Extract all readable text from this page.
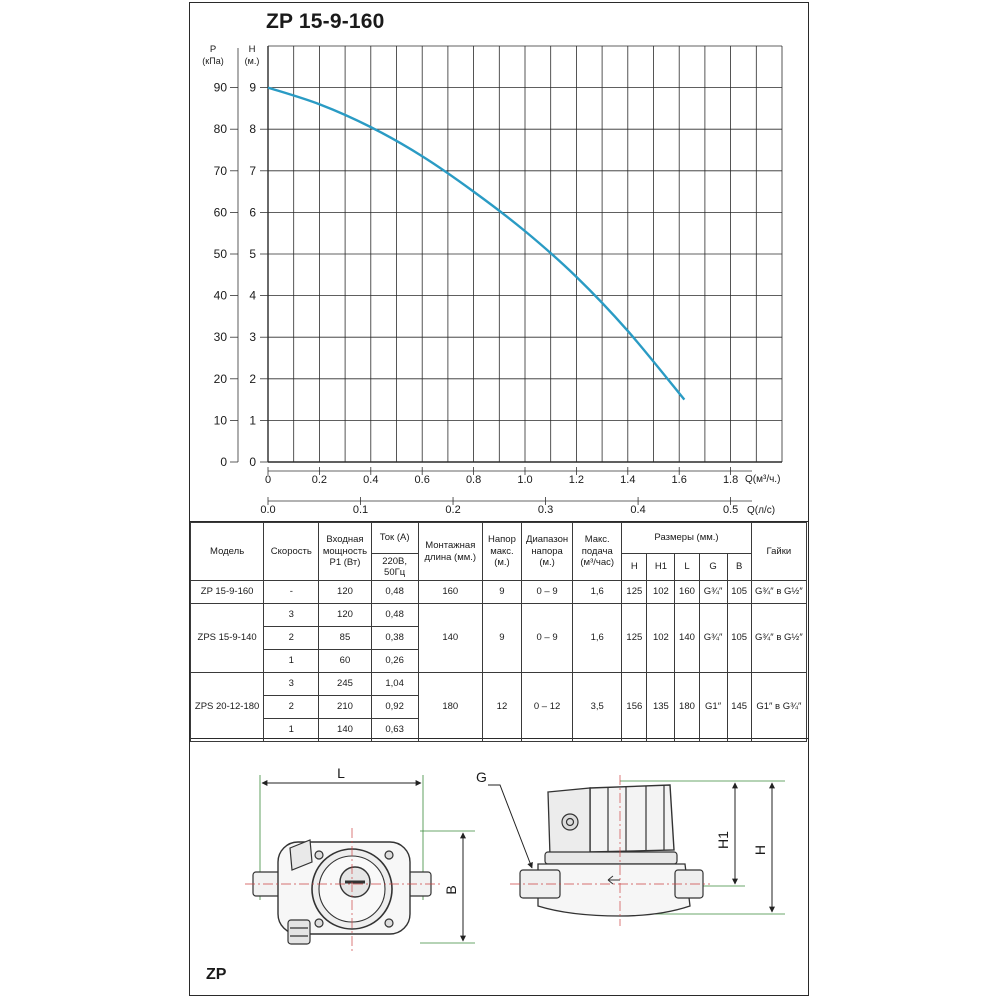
ZP 15-9-160
0
1
2
3
4
5
6
7
8
9
0
10
20
30
40
50
60
70
80
90
0	0.2	0.4	0.6	0.8	1.0	1.2	1.4	1.6	1.8
0.0	0.1	0.2	0.3	0.4	0.5
P
(кПа)
H
(м.)
Q(м³/ч.)
Q(л/с)
Модель	Скорость	Входная мощность P1 (Вт)	Ток (А)	Монтажная длина (мм.)	Напор макс. (м.)	Диапазон напора (м.)	Макс. подача (м³/час)	Размеры (мм.)					Гайки
			220В, 50Гц					H	H1	L	G	B	
ZP 15-9-160	-	120	0,48	160	9	0 – 9	1,6	125	102	160	G¾″	105	G¾″ в G½″
ZPS 15-9-140	3	120	0,48	140	9	0 – 9	1,6	125	102	140	G¾″	105	G¾″ в G½″
	2	85	0,38										
	1	60	0,26										
ZPS 20-12-180	3	245	1,04	180	12	0 – 12	3,5	156	135	180	G1″	145	G1″ в G¾″
	2	210	0,92										
	1	140	0,63										
L
B
G
H1
H
ZP
